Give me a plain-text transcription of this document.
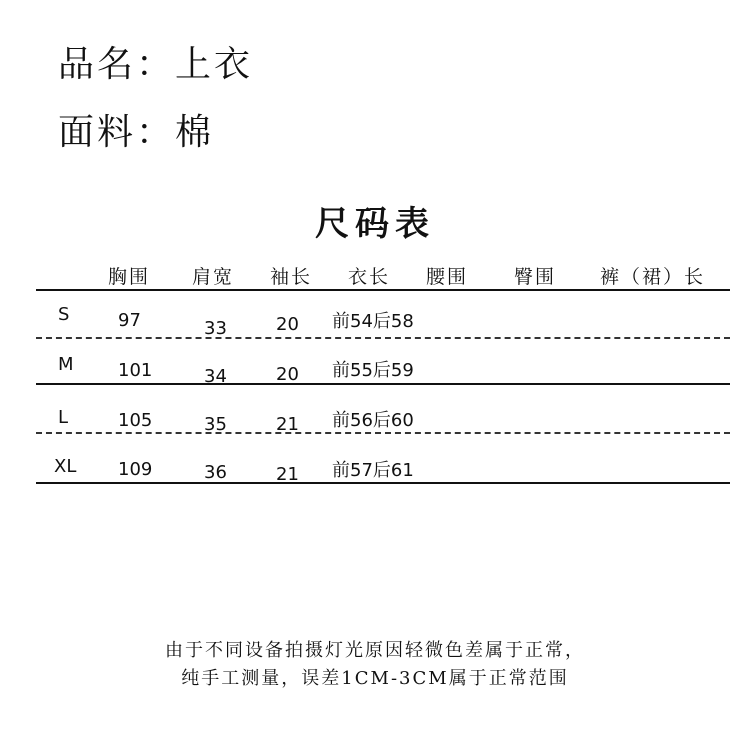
品名：上衣
面料：棉
尺码表
胸围 肩宽 袖长 衣长 腰围 臀围 裤（裙）长
S	97	33	20 前54后58
M 101	34	20 前55后59
L	105	35	21 前56后60
XL 109	36	21 前57后61
由于不同设备拍摄灯光原因轻微色差属于正常，
纯手工测量，误差1CM-3CM属于正常范围
